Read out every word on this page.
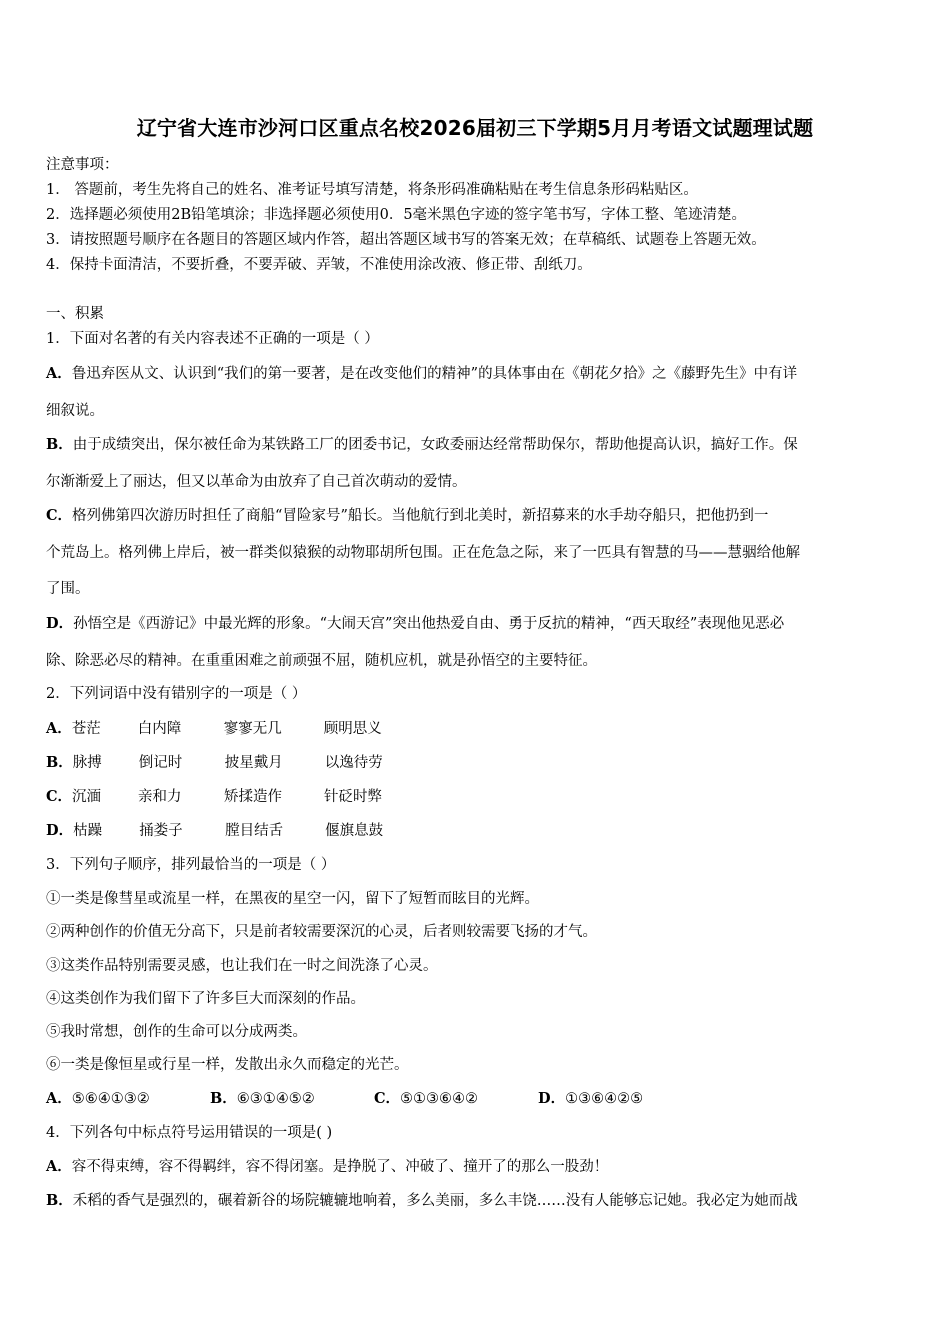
辽宁省大连市沙河口区重点名校2026届初三下学期5月月考语文试题理试题
注意事项：
1． 答题前，考生先将自己的姓名、准考证号填写清楚，将条形码准确粘贴在考生信息条形码粘贴区。
2．选择题必须使用2B铅笔填涂；非选择题必须使用0．5毫米黑色字迹的签字笔书写，字体工整、笔迹清楚。
3．请按照题号顺序在各题目的答题区域内作答，超出答题区域书写的答案无效；在草稿纸、试题卷上答题无效。
4．保持卡面清洁，不要折叠，不要弄破、弄皱，不准使用涂改液、修正带、刮纸刀。
一、积累
1．下面对名著的有关内容表述不正确的一项是（ ）
A．鲁迅弃医从文、认识到“我们的第一要著，是在改变他们的精神”的具体事由在《朝花夕拾》之《藤野先生》中有详
细叙说。
B．由于成绩突出，保尔被任命为某铁路工厂的团委书记，女政委丽达经常帮助保尔，帮助他提高认识，搞好工作。保
尔渐渐爱上了丽达，但又以革命为由放弃了自己首次萌动的爱情。
C．格列佛第四次游历时担任了商船“冒险家号”船长。当他航行到北美时，新招募来的水手劫夺船只，把他扔到一
个荒岛上。格列佛上岸后，被一群类似猿猴的动物耶胡所包围。正在危急之际，来了一匹具有智慧的马——慧骃给他解
了围。
D．孙悟空是《西游记》中最光辉的形象。“大闹天宫”突出他热爱自由、勇于反抗的精神，“西天取经”表现他见恶必
除、除恶必尽的精神。在重重困难之前顽强不屈，随机应机，就是孙悟空的主要特征。
2．下列词语中没有错别字的一项是（ ）
A．苍茫	白内障	寥寥无几	顾明思义
B．脉搏	倒记时	披星戴月	以逸待劳
C．沉湎	亲和力	矫揉造作	针砭时弊
D．枯躁	捅娄子	膛目结舌	偃旗息鼓
3．下列句子顺序，排列最恰当的一项是（ ）
①一类是像彗星或流星一样，在黑夜的星空一闪，留下了短暂而眩目的光辉。
②两种创作的价值无分高下，只是前者较需要深沉的心灵，后者则较需要飞扬的才气。
③这类作品特别需要灵感，也让我们在一时之间洗涤了心灵。
④这类创作为我们留下了许多巨大而深刻的作品。
⑤我时常想，创作的生命可以分成两类。
⑥一类是像恒星或行星一样，发散出永久而稳定的光芒。
A．⑤⑥④①③②	B．⑥③①④⑤②	C．⑤①③⑥④②	D．①③⑥④②⑤
4．下列各句中标点符号运用错误的一项是( )
A．容不得束缚，容不得羁绊，容不得闭塞。是挣脱了、冲破了、撞开了的那么一股劲！
B．禾稻的香气是强烈的，碾着新谷的场院辘辘地响着，多么美丽，多么丰饶……没有人能够忘记她。我必定为她而战
